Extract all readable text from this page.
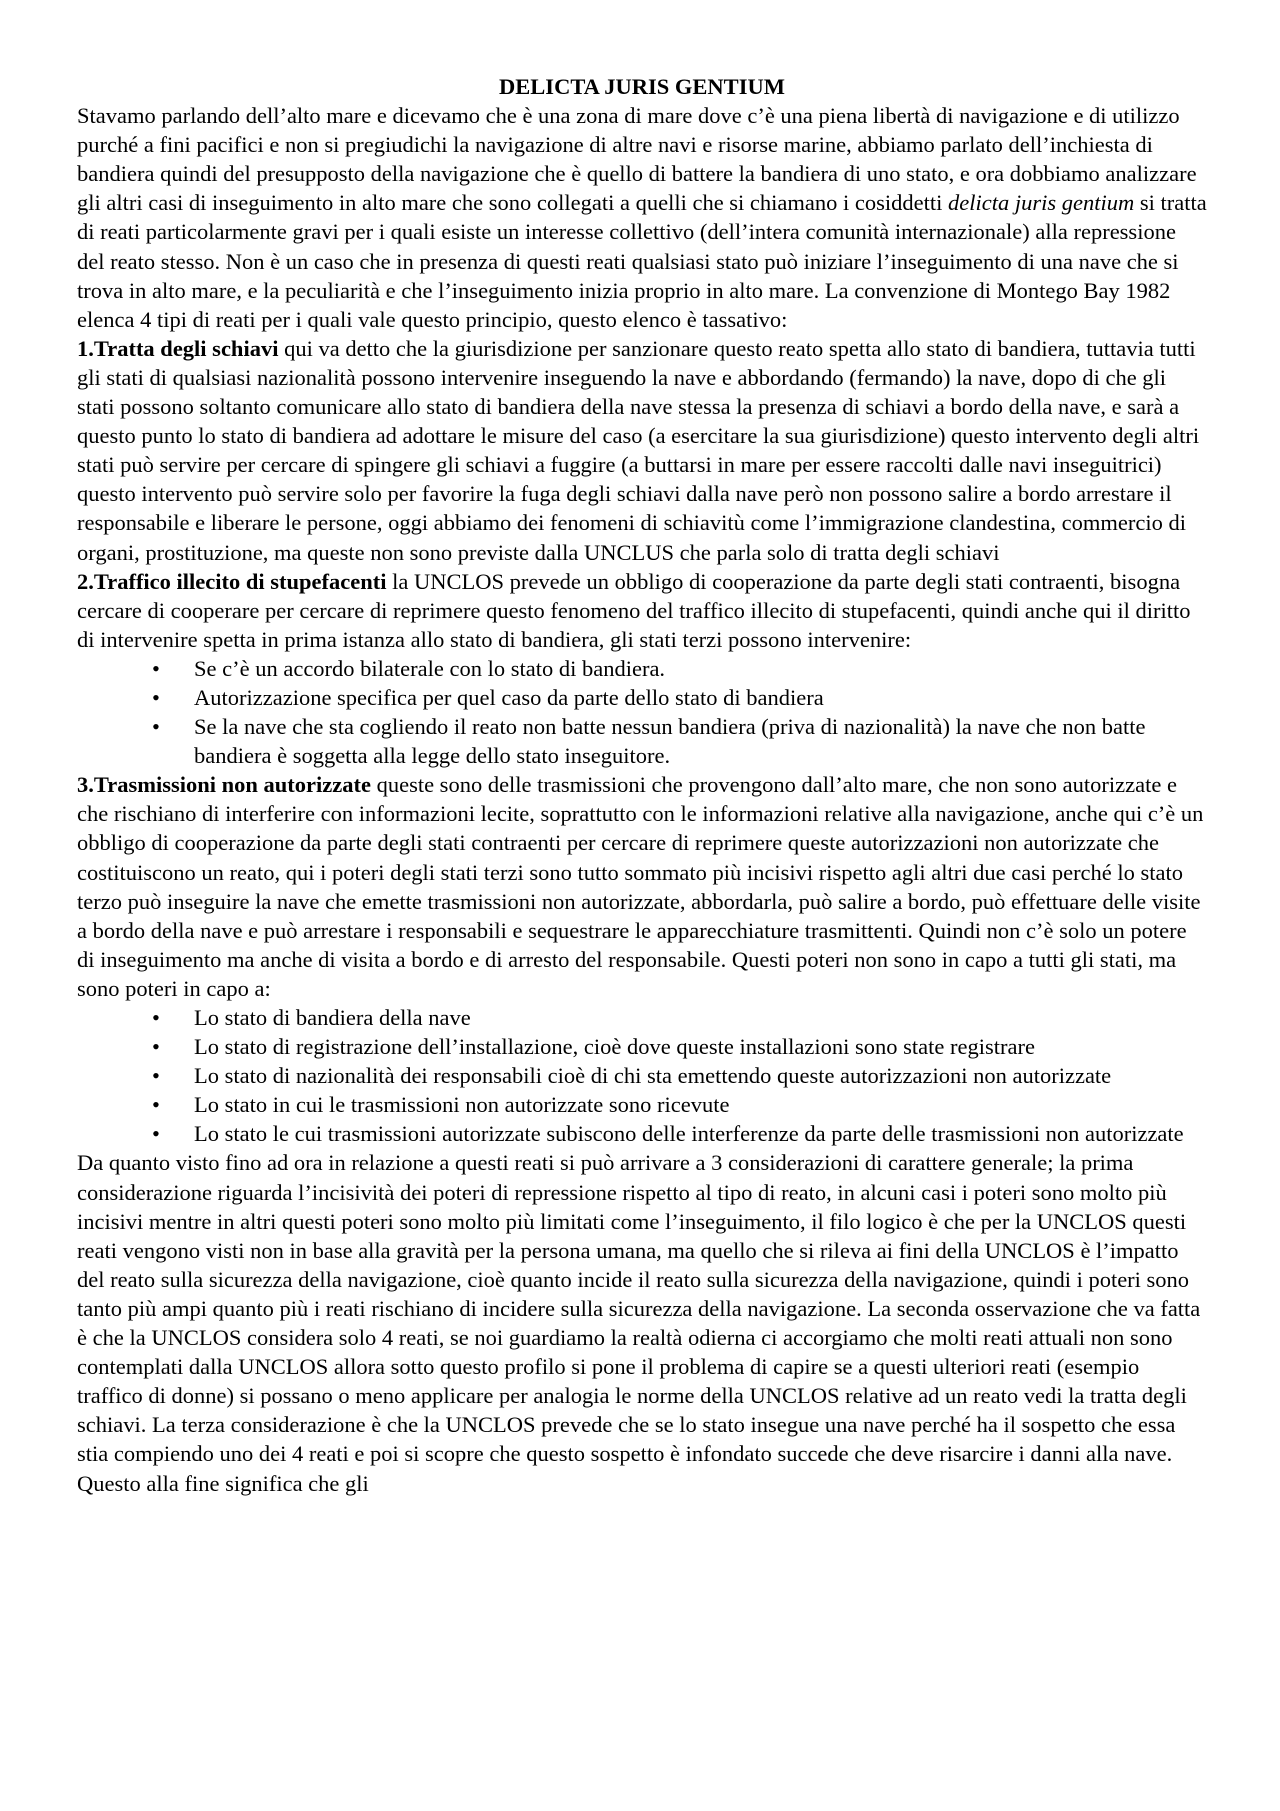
DELICTA JURIS GENTIUM

Stavamo parlando dell’alto mare e dicevamo che è una zona di mare dove c’è una piena libertà di navigazione e di utilizzo purché a fini pacifici e non si pregiudichi la navigazione di altre navi e risorse marine, abbiamo parlato dell’inchiesta di bandiera quindi del presupposto della navigazione che è quello di battere la bandiera di uno stato, e ora dobbiamo analizzare gli altri casi di inseguimento in alto mare che sono collegati a quelli che si chiamano i cosiddetti delicta juris gentium si tratta di reati particolarmente gravi per i quali esiste un interesse collettivo (dell’intera comunità internazionale) alla repressione del reato stesso. Non è un caso che in presenza di questi reati qualsiasi stato può iniziare l’inseguimento di una nave che si trova in alto mare, e la peculiarità e che l’inseguimento inizia proprio in alto mare. La convenzione di Montego Bay 1982 elenca 4 tipi di reati per i quali vale questo principio, questo elenco è tassativo:

1.Tratta degli schiavi qui va detto che la giurisdizione per sanzionare questo reato spetta allo stato di bandiera, tuttavia tutti gli stati di qualsiasi nazionalità possono intervenire inseguendo la nave e abbordando (fermando) la nave, dopo di che gli stati possono soltanto comunicare allo stato di bandiera della nave stessa la presenza di schiavi a bordo della nave, e sarà a questo punto lo stato di bandiera ad adottare le misure del caso (a esercitare la sua giurisdizione) questo intervento degli altri stati può servire per cercare di spingere gli schiavi a fuggire (a buttarsi in mare per essere raccolti dalle navi inseguitrici) questo intervento può servire solo per favorire la fuga degli schiavi dalla nave però non possono salire a bordo arrestare il responsabile e liberare le persone, oggi abbiamo dei fenomeni di schiavitù come l’immigrazione clandestina, commercio di organi, prostituzione, ma queste non sono previste dalla UNCLUS che parla solo di tratta degli schiavi

2.Traffico illecito di stupefacenti la UNCLOS prevede un obbligo di cooperazione da parte degli stati contraenti, bisogna cercare di cooperare per cercare di reprimere questo fenomeno del traffico illecito di stupefacenti, quindi anche qui il diritto di intervenire spetta in prima istanza allo stato di bandiera, gli stati terzi possono intervenire:

• Se c’è un accordo bilaterale con lo stato di bandiera.
• Autorizzazione specifica per quel caso da parte dello stato di bandiera
• Se la nave che sta cogliendo il reato non batte nessun bandiera (priva di nazionalità) la nave che non batte bandiera è soggetta alla legge dello stato inseguitore.

3.Trasmissioni non autorizzate queste sono delle trasmissioni che provengono dall’alto mare, che non sono autorizzate e che rischiano di interferire con informazioni lecite, soprattutto con le informazioni relative alla navigazione, anche qui c’è un obbligo di cooperazione da parte degli stati contraenti per cercare di reprimere queste autorizzazioni non autorizzate che costituiscono un reato, qui i poteri degli stati terzi sono tutto sommato più incisivi rispetto agli altri due casi perché lo stato terzo può inseguire la nave che emette trasmissioni non autorizzate, abbordarla, può salire a bordo, può effettuare delle visite a bordo della nave e può arrestare i responsabili e sequestrare le apparecchiature trasmittenti. Quindi non c’è solo un potere di inseguimento ma anche di visita a bordo e di arresto del responsabile. Questi poteri non sono in capo a tutti gli stati, ma sono poteri in capo a:

• Lo stato di bandiera della nave
• Lo stato di registrazione dell’installazione, cioè dove queste installazioni sono state registrare
• Lo stato di nazionalità dei responsabili cioè di chi sta emettendo queste autorizzazioni non autorizzate
• Lo stato in cui le trasmissioni non autorizzate sono ricevute
• Lo stato le cui trasmissioni autorizzate subiscono delle interferenze da parte delle trasmissioni non autorizzate

Da quanto visto fino ad ora in relazione a questi reati si può arrivare a 3 considerazioni di carattere generale; la prima considerazione riguarda l’incisività dei poteri di repressione rispetto al tipo di reato, in alcuni casi i poteri sono molto più incisivi mentre in altri questi poteri sono molto più limitati come l’inseguimento, il filo logico è che per la UNCLOS questi reati vengono visti non in base alla gravità per la persona umana, ma quello che si rileva ai fini della UNCLOS è l’impatto del reato sulla sicurezza della navigazione, cioè quanto incide il reato sulla sicurezza della navigazione, quindi i poteri sono tanto più ampi quanto più i reati rischiano di incidere sulla sicurezza della navigazione. La seconda osservazione che va fatta è che la UNCLOS considera solo 4 reati, se noi guardiamo la realtà odierna ci accorgiamo che molti reati attuali non sono contemplati dalla UNCLOS allora sotto questo profilo si pone il problema di capire se a questi ulteriori reati (esempio traffico di donne) si possano o meno applicare per analogia le norme della UNCLOS relative ad un reato vedi la tratta degli schiavi. La terza considerazione è che la UNCLOS prevede che se lo stato insegue una nave perché ha il sospetto che essa stia compiendo uno dei 4 reati e poi si scopre che questo sospetto è infondato succede che deve risarcire i danni alla nave. Questo alla fine significa che gli
